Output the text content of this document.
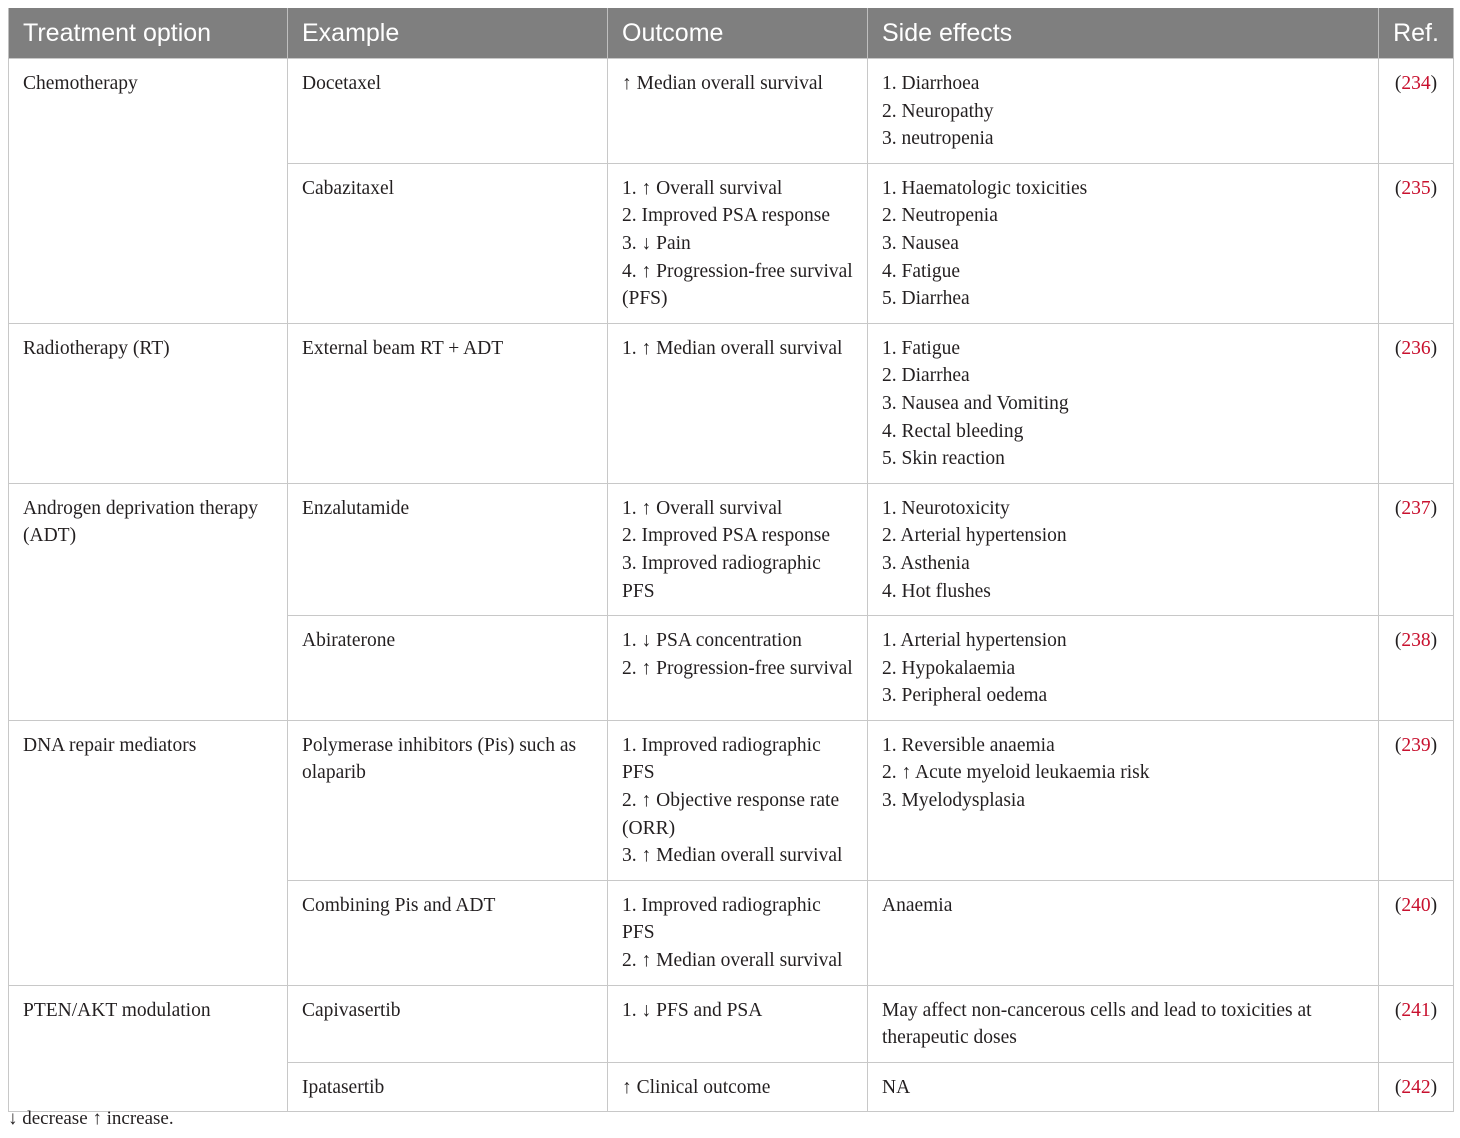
Treatment option	Example	Outcome	Side effects	Ref.
Chemotherapy	Docetaxel	↑ Median overall survival	1. Diarrhoea
2. Neuropathy
3. neutropenia	(234)
	Cabazitaxel	1. ↑ Overall survival
2. Improved PSA response
3. ↓ Pain
4. ↑ Progression-free survival (PFS)	1. Haematologic toxicities
2. Neutropenia
3. Nausea
4. Fatigue
5. Diarrhea	(235)
Radiotherapy (RT)	External beam RT + ADT	1. ↑ Median overall survival	1. Fatigue
2. Diarrhea
3. Nausea and Vomiting
4. Rectal bleeding
5. Skin reaction	(236)
Androgen deprivation therapy (ADT)	Enzalutamide	1. ↑ Overall survival
2. Improved PSA response
3. Improved radiographic PFS	1. Neurotoxicity
2. Arterial hypertension
3. Asthenia
4. Hot flushes	(237)
	Abiraterone	1. ↓ PSA concentration
2. ↑ Progression-free survival	1. Arterial hypertension
2. Hypokalaemia
3. Peripheral oedema	(238)
DNA repair mediators	Polymerase inhibitors (Pis) such as olaparib	1. Improved radiographic PFS
2. ↑ Objective response rate (ORR)
3. ↑ Median overall survival	1. Reversible anaemia
2. ↑ Acute myeloid leukaemia risk
3. Myelodysplasia	(239)
	Combining Pis and ADT	1. Improved radiographic PFS
2. ↑ Median overall survival	Anaemia	(240)
PTEN/AKT modulation	Capivasertib	1. ↓ PFS and PSA	May affect non-cancerous cells and lead to toxicities at therapeutic doses	(241)
	Ipatasertib	↑ Clinical outcome	NA	(242)
↓ decrease ↑ increase.
